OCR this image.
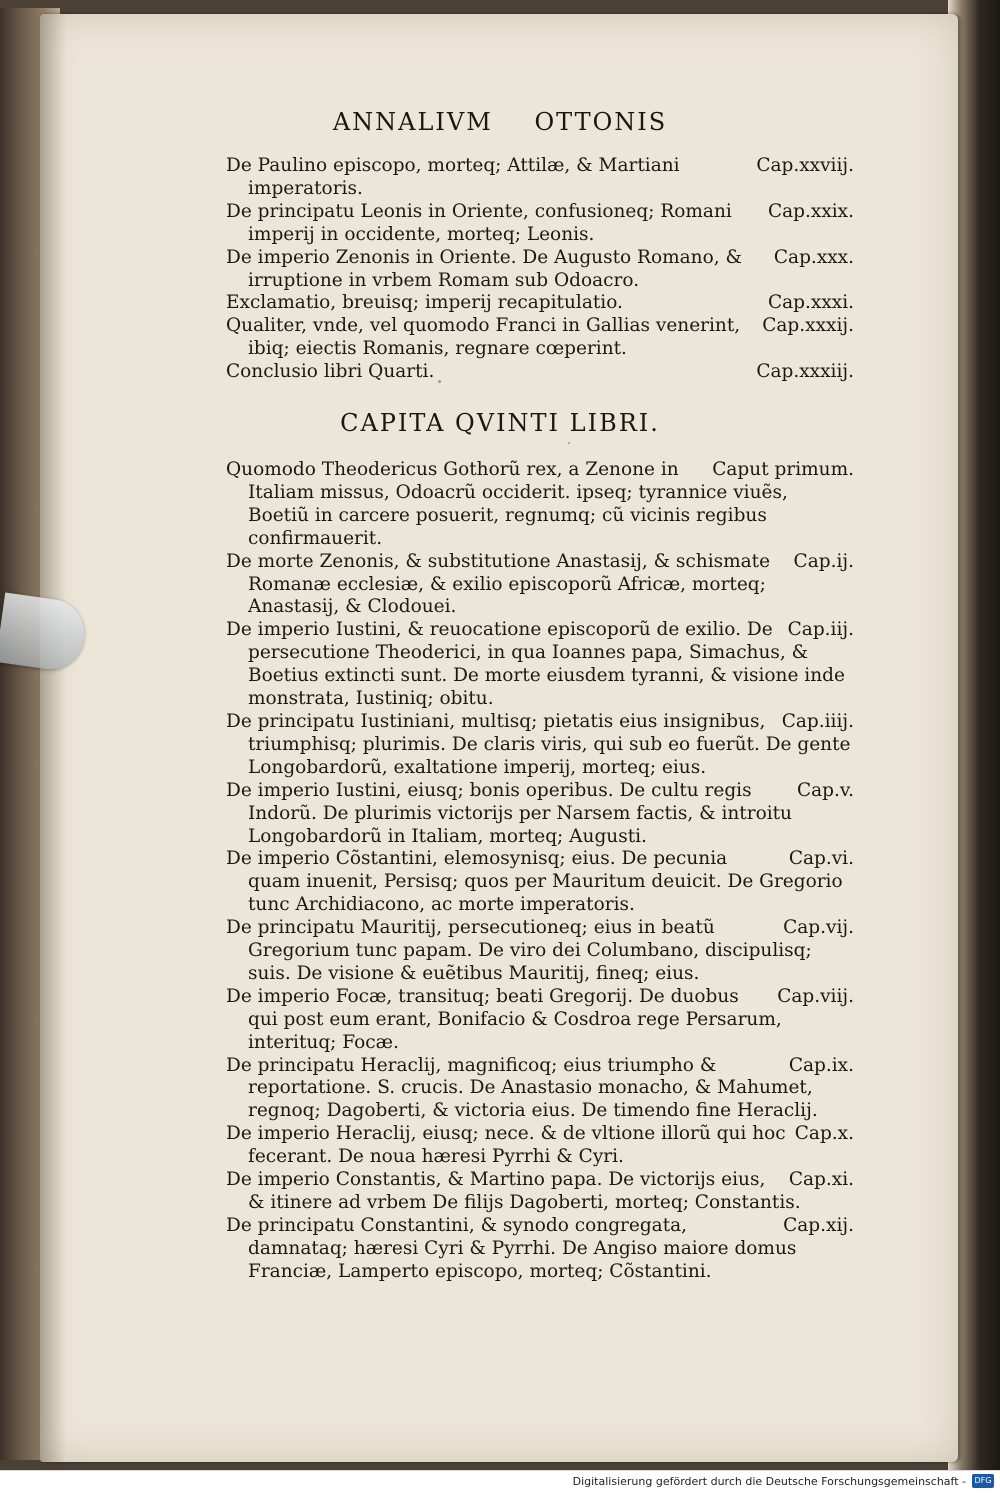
ANNALIVM OTTONIS
Cap.xxviij.
De Paulino episcopo, morteq; Attilæ, & Martiani imperatoris.
Cap.xxix.
De principatu Leonis in Oriente, confusioneq; Romani imperij in occidente, morteq; Leonis.
Cap.xxx.
De imperio Zenonis in Oriente. De Augusto Romano, & irruptione in vrbem Romam sub Odoacro.
Cap.xxxi.
Exclamatio, breuisq; imperij recapitulatio.
Cap.xxxij.
Qualiter, vnde, vel quomodo Franci in Gallias venerint, ibiq; eiectis Romanis, regnare cœperint.
Cap.xxxiij.
Conclusio libri Quarti.
CAPITA QVINTI LIBRI.
Caput primum.
Quomodo Theodericus Gothorũ rex, a Zenone in Italiam missus, Odoacrũ occiderit. ipseq; tyrannice viuẽs, Boetiũ in carcere posuerit, regnumq; cũ vicinis regibus confirmauerit.
Cap.ij.
De morte Zenonis, & substitutione Anastasij, & schismate Romanæ ecclesiæ, & exilio episcoporũ Africæ, morteq; Anastasij, & Clodouei.
Cap.iij.
De imperio Iustini, & reuocatione episcoporũ de exilio. De persecutione Theoderici, in qua Ioannes papa, Simachus, & Boetius extincti sunt. De morte eiusdem tyranni, & visione inde monstrata, Iustiniq; obitu.
Cap.iiij.
De principatu Iustiniani, multisq; pietatis eius insignibus, triumphisq; plurimis. De claris viris, qui sub eo fuerũt. De gente Longobardorũ, exaltatione imperij, morteq; eius.
Cap.v.
De imperio Iustini, eiusq; bonis operibus. De cultu regis Indorũ. De plurimis victorijs per Narsem factis, & introitu Longobardorũ in Italiam, morteq; Augusti.
Cap.vi.
De imperio Cõstantini, elemosynisq; eius. De pecunia quam inuenit, Persisq; quos per Mauritum deuicit. De Gregorio tunc Archidiacono, ac morte imperatoris.
Cap.vij.
De principatu Mauritij, persecutioneq; eius in beatũ Gregorium tunc papam. De viro dei Columbano, discipulisq; suis. De visione & euẽtibus Mauritij, fineq; eius.
Cap.viij.
De imperio Focæ, transituq; beati Gregorij. De duobus qui post eum erant, Bonifacio & Cosdroa rege Persarum, interituq; Focæ.
Cap.ix.
De principatu Heraclij, magnificoq; eius triumpho & reportatione. S. crucis. De Anastasio monacho, & Mahumet, regnoq; Dagoberti, & victoria eius. De timendo fine Heraclij.
Cap.x.
De imperio Heraclij, eiusq; nece. & de vltione illorũ qui hoc fecerant. De noua hæresi Pyrrhi & Cyri.
Cap.xi.
De imperio Constantis, & Martino papa. De victorijs eius, & itinere ad vrbem De filijs Dagoberti, morteq; Constantis.
Cap.xij.
De principatu Constantini, & synodo congregata, damnataq; hæresi Cyri & Pyrrhi. De Angiso maiore domus Franciæ, Lamperto episcopo, morteq; Cõstantini.
Digitalisierung gefördert durch die Deutsche Forschungsgemeinschaft -	DFG
